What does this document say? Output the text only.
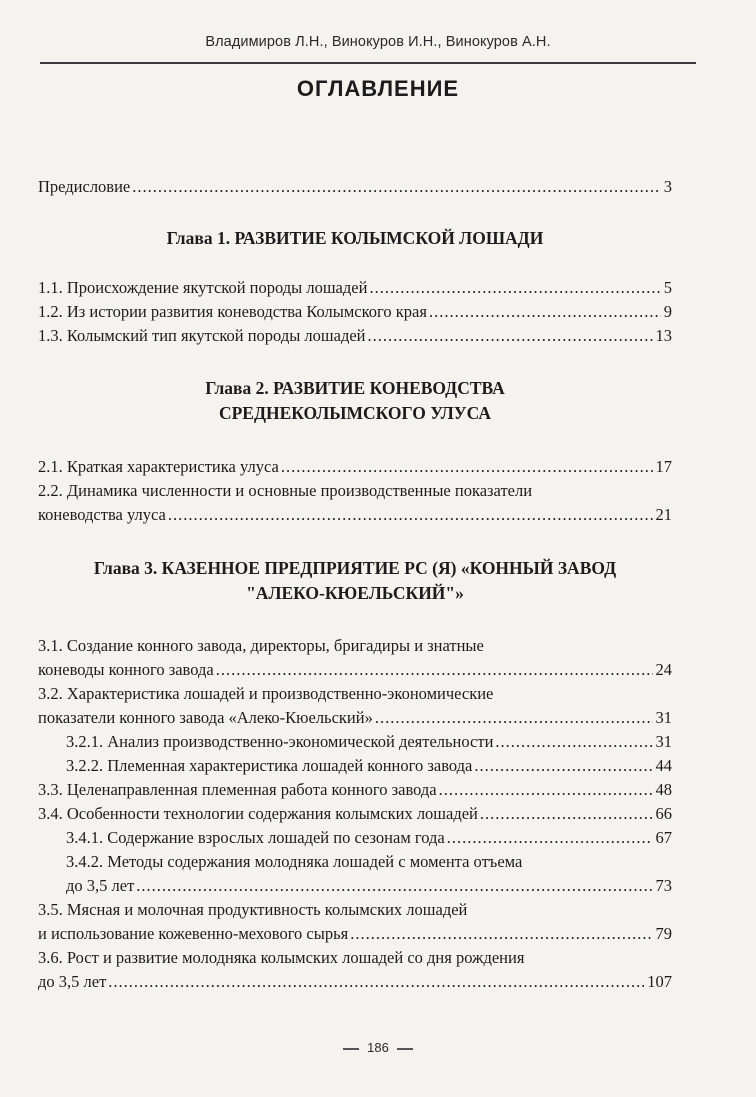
Владимиров Л.Н., Винокуров И.Н., Винокуров А.Н.
ОГЛАВЛЕНИЕ
Предисловие .....	3
Глава 1. РАЗВИТИЕ КОЛЫМСКОЙ ЛОШАДИ
1.1. Происхождение якутской породы лошадей .....	5
1.2. Из истории развития коневодства Колымского края .....	9
1.3. Колымский тип якутской породы лошадей .....	13
Глава 2. РАЗВИТИЕ КОНЕВОДСТВА
СРЕДНЕКОЛЫМСКОГО УЛУСА
2.1. Краткая характеристика улуса .....	17
2.2. Динамика численности и основные производственные показатели
коневодства улуса .....	21
Глава 3. КАЗЕННОЕ ПРЕДПРИЯТИЕ РС (Я) «КОННЫЙ ЗАВОД
"АЛЕКО-КЮЕЛЬСКИЙ"»
3.1. Создание конного завода, директоры, бригадиры и знатные
коневоды конного завода .....	24
3.2. Характеристика лошадей и производственно-экономические
показатели конного завода «Алеко-Кюельский» .....	31
3.2.1. Анализ производственно-экономической деятельности .....	31
3.2.2. Племенная характеристика лошадей конного завода .....	44
3.3. Целенаправленная племенная работа конного завода .....	48
3.4. Особенности технологии содержания колымских лошадей .....	66
3.4.1. Содержание взрослых лошадей по сезонам года .....	67
3.4.2. Методы содержания молодняка лошадей с момента отъема
до 3,5 лет .....	73
3.5. Мясная и молочная продуктивность колымских лошадей
и использование кожевенно-мехового сырья .....	79
3.6. Рост и развитие молодняка колымских лошадей со дня рождения
до 3,5 лет .....	107
186
